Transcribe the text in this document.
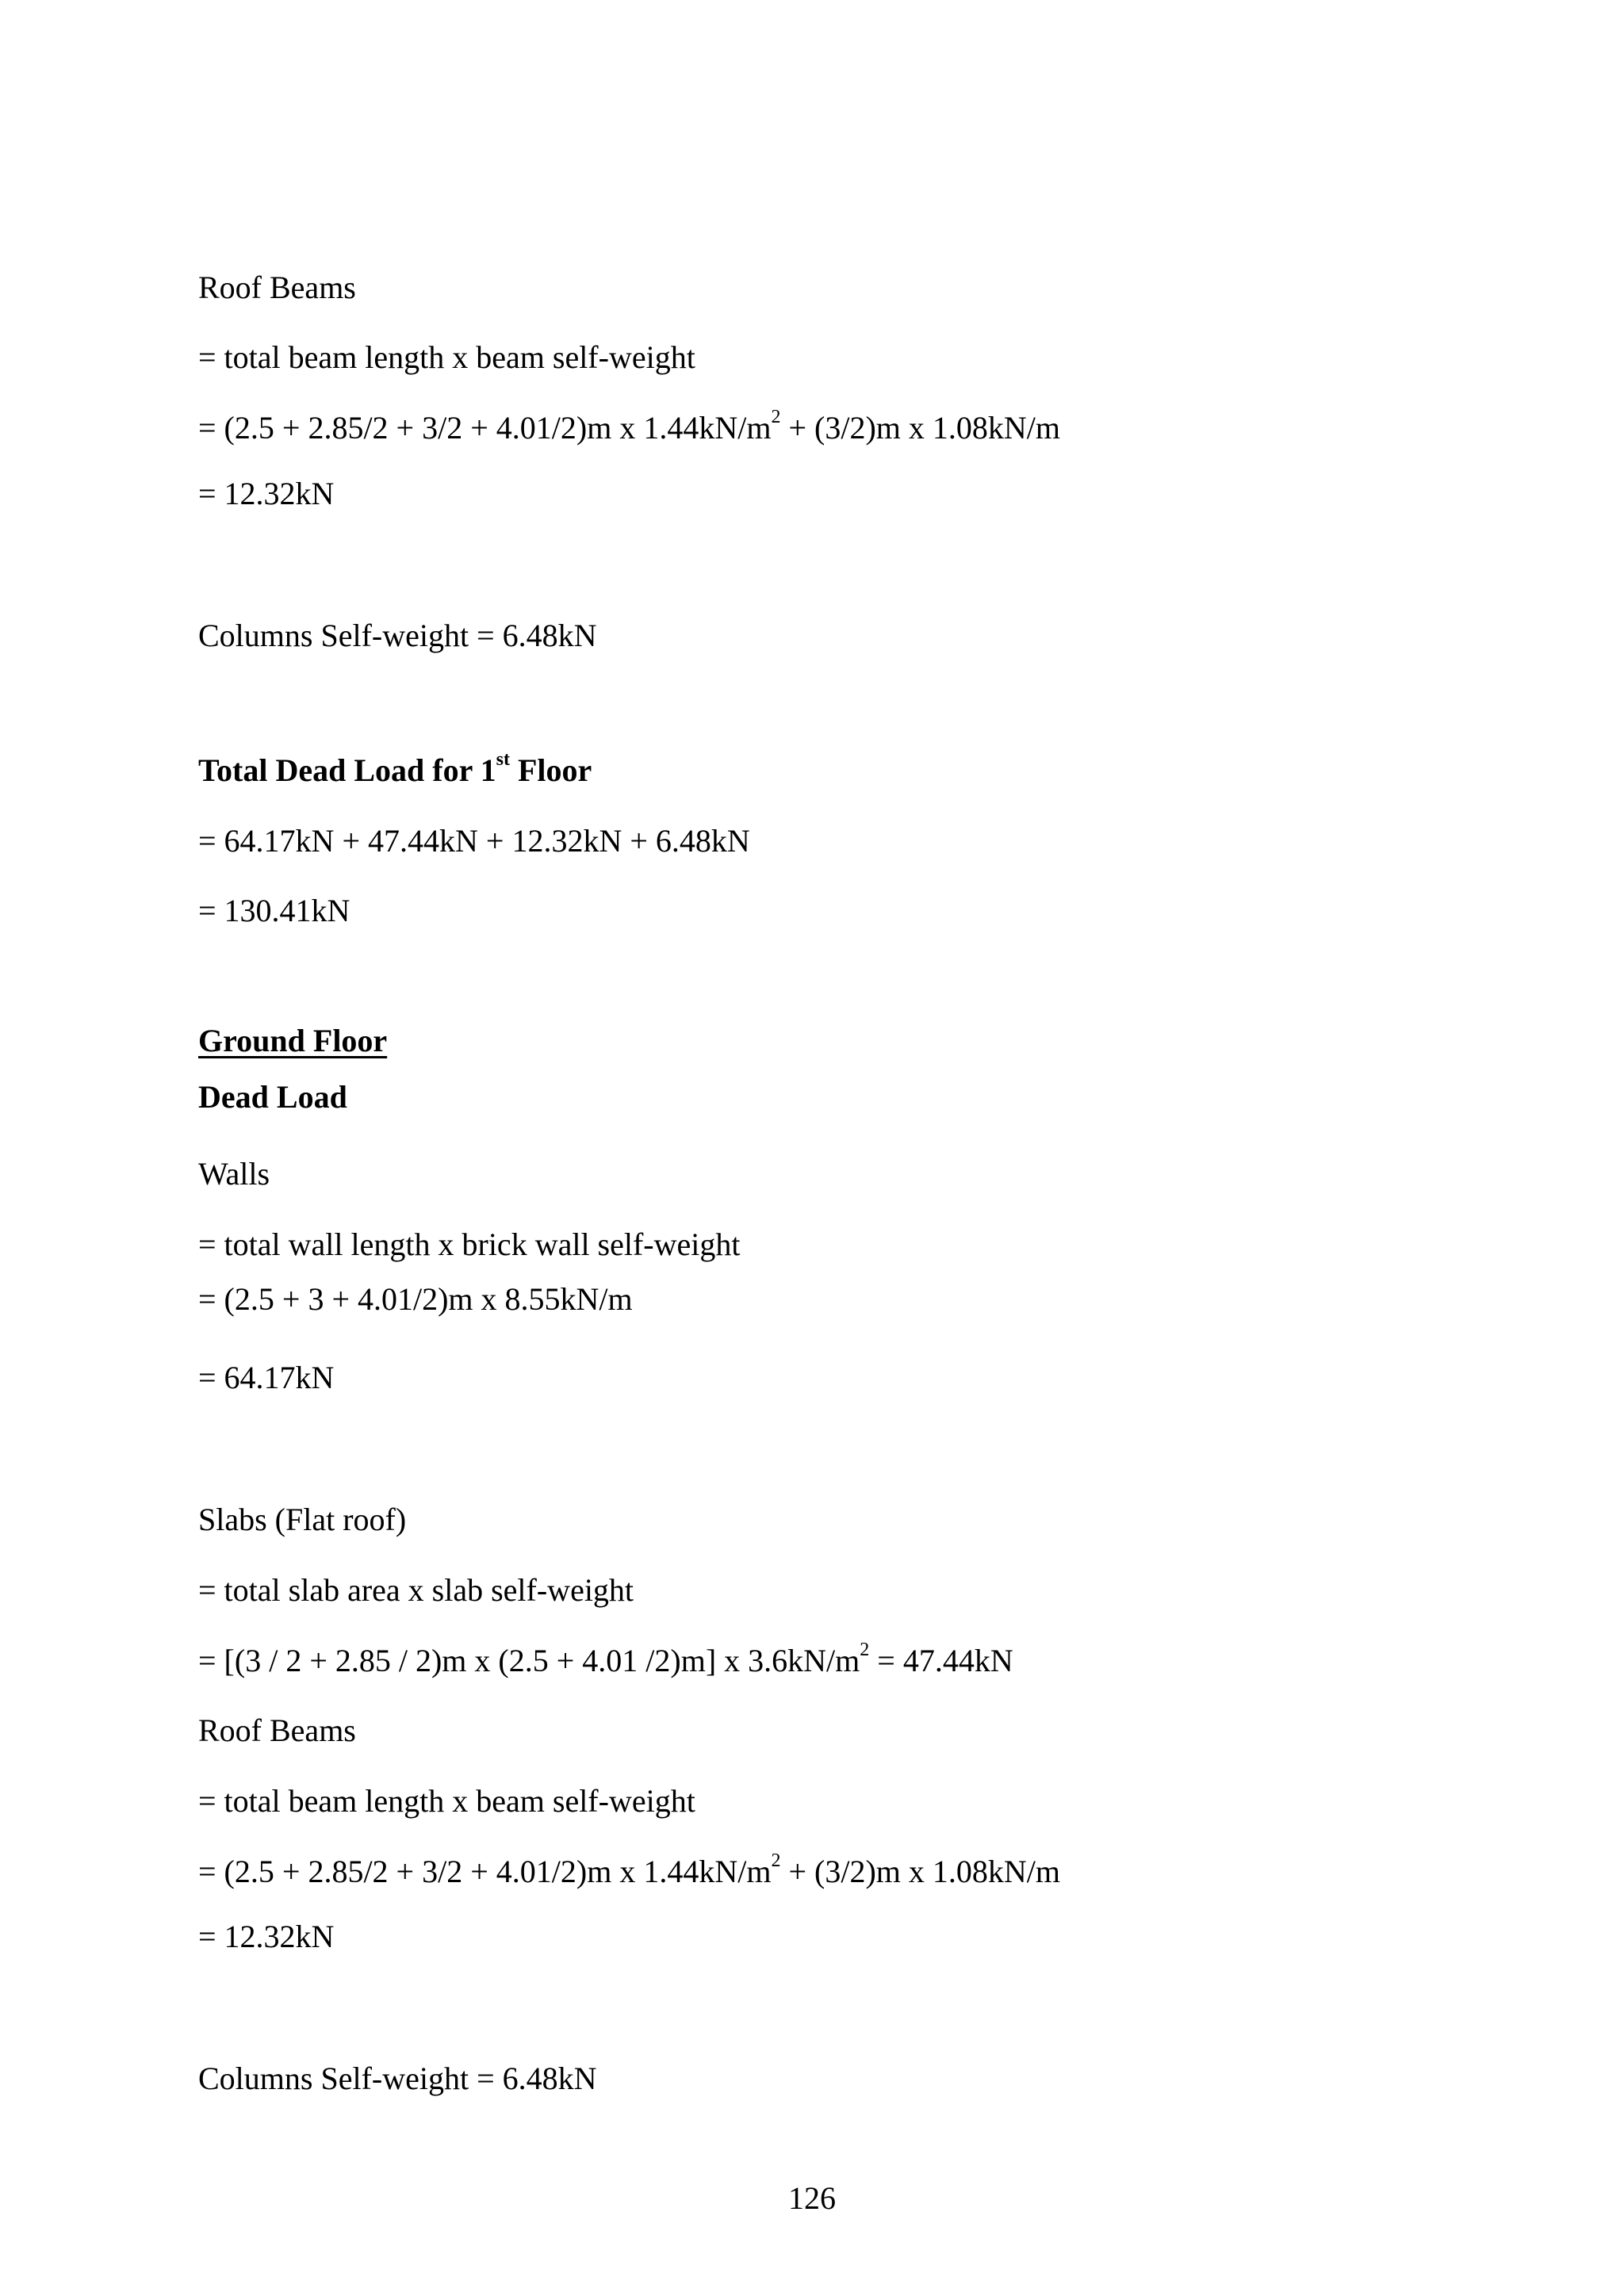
Roof Beams
= total beam length x beam self-weight
= (2.5 + 2.85/2 + 3/2 + 4.01/2)m x $1.44kN/m^2 + (3/2)m$ x 1.08kN/m
= 12.32kN
Columns Self-weight = 6.48kN
Total Dead Load for 1st Floor
= 64.17kN + 47.44kN + 12.32kN + 6.48kN
= 130.41kN
Ground Floor
Dead Load
Walls
= total wall length x brick wall self-weight
= (2.5 + 3 + 4.01/2)m x 8.55kN/m
= 64.17kN
Slabs (Flat roof)
= total slab area x slab self-weight
= [(3 / 2 + 2.85 / 2)m x (2.5 + 4.01 /2)m] x $3.6kN/m^2 = 47.44kN$
Roof Beams
= total beam length x beam self-weight
= (2.5 + 2.85/2 + 3/2 + 4.01/2)m x $1.44kN/m^2 + (3/2)m$ x 1.08kN/m
= 12.32kN
Columns Self-weight = 6.48kN
126
